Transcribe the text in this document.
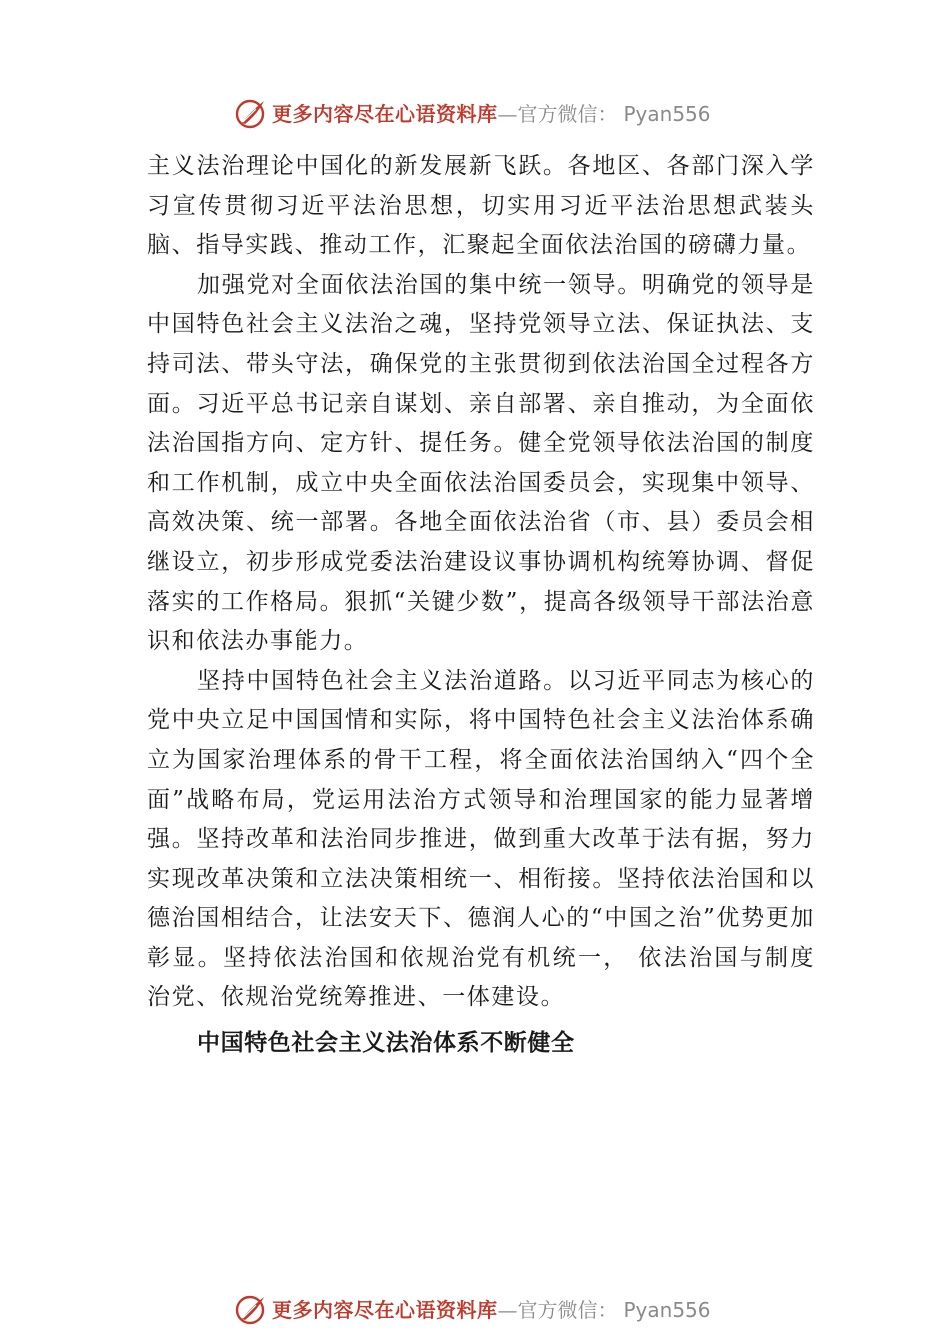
更多内容尽在心语资料库—官方微信： Pyan556

主义法治理论中国化的新发展新飞跃。各地区、各部门深入学习宣传贯彻习近平法治思想，切实用习近平法治思想武装头脑、指导实践、推动工作，汇聚起全面依法治国的磅礴力量。

加强党对全面依法治国的集中统一领导。明确党的领导是中国特色社会主义法治之魂，坚持党领导立法、保证执法、支持司法、带头守法，确保党的主张贯彻到依法治国全过程各方面。习近平总书记亲自谋划、亲自部署、亲自推动，为全面依法治国指方向、定方针、提任务。健全党领导依法治国的制度和工作机制，成立中央全面依法治国委员会，实现集中领导、高效决策、统一部署。各地全面依法治省（市、县）委员会相继设立，初步形成党委法治建设议事协调机构统筹协调、督促落实的工作格局。狠抓“关键少数”，提高各级领导干部法治意识和依法办事能力。

坚持中国特色社会主义法治道路。以习近平同志为核心的党中央立足中国国情和实际，将中国特色社会主义法治体系确立为国家治理体系的骨干工程，将全面依法治国纳入“四个全面”战略布局，党运用法治方式领导和治理国家的能力显著增强。坚持改革和法治同步推进，做到重大改革于法有据，努力实现改革决策和立法决策相统一、相衔接。坚持依法治国和以德治国相结合，让法安天下、德润人心的“中国之治”优势更加彰显。坚持依法治国和依规治党有机统一， 依法治国与制度治党、依规治党统筹推进、一体建设。

中国特色社会主义法治体系不断健全
更多内容尽在心语资料库—官方微信： Pyan556
